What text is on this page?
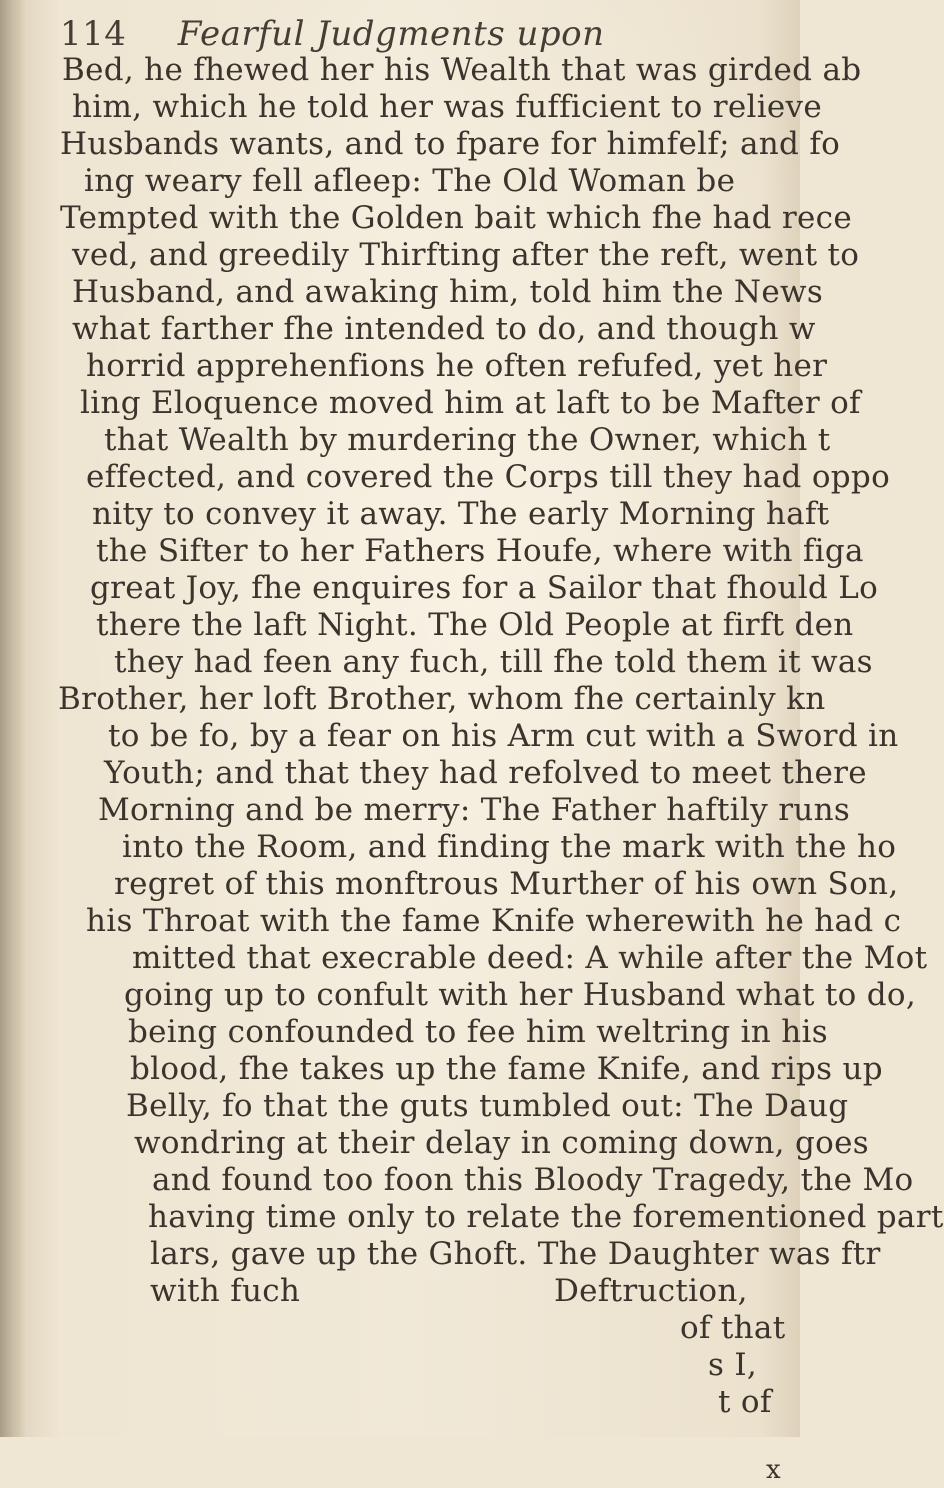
114 Fearful Judgments upon
Bed, he fhewed her his Wealth that was girded ab
him, which he told her was fufficient to relieve
Husbands wants, and to fpare for himfelf; and fo
ing weary fell afleep: The Old Woman be
Tempted with the Golden bait which fhe had rece
ved, and greedily Thirfting after the reft, went to
Husband, and awaking him, told him the News
what farther fhe intended to do, and though w
horrid apprehenfions he often refufed, yet her
ling Eloquence moved him at laft to be Mafter of
that Wealth by murdering the Owner, which t
effected, and covered the Corps till they had oppo
nity to convey it away. The early Morning haft
the Sifter to her Fathers Houfe, where with figa
great Joy, fhe enquires for a Sailor that fhould Lo
there the laft Night. The Old People at firft den
they had feen any fuch, till fhe told them it was
Brother, her loft Brother, whom fhe certainly kn
to be fo, by a fear on his Arm cut with a Sword in
Youth; and that they had refolved to meet there
Morning and be merry: The Father haftily runs
into the Room, and finding the mark with the ho
regret of this monftrous Murther of his own Son,
his Throat with the fame Knife wherewith he had c
mitted that execrable deed: A while after the Mot
going up to confult with her Husband what to do,
being confounded to fee him weltring in his
blood, fhe takes up the fame Knife, and rips up
Belly, fo that the guts tumbled out: The Daug
wondring at their delay in coming down, goes
and found too foon this Bloody Tragedy, the Mo
having time only to relate the forementioned part
lars, gave up the Ghoft. The Daughter was ftr
with fuch	Deftruction,
of that
s I,
t of
x
